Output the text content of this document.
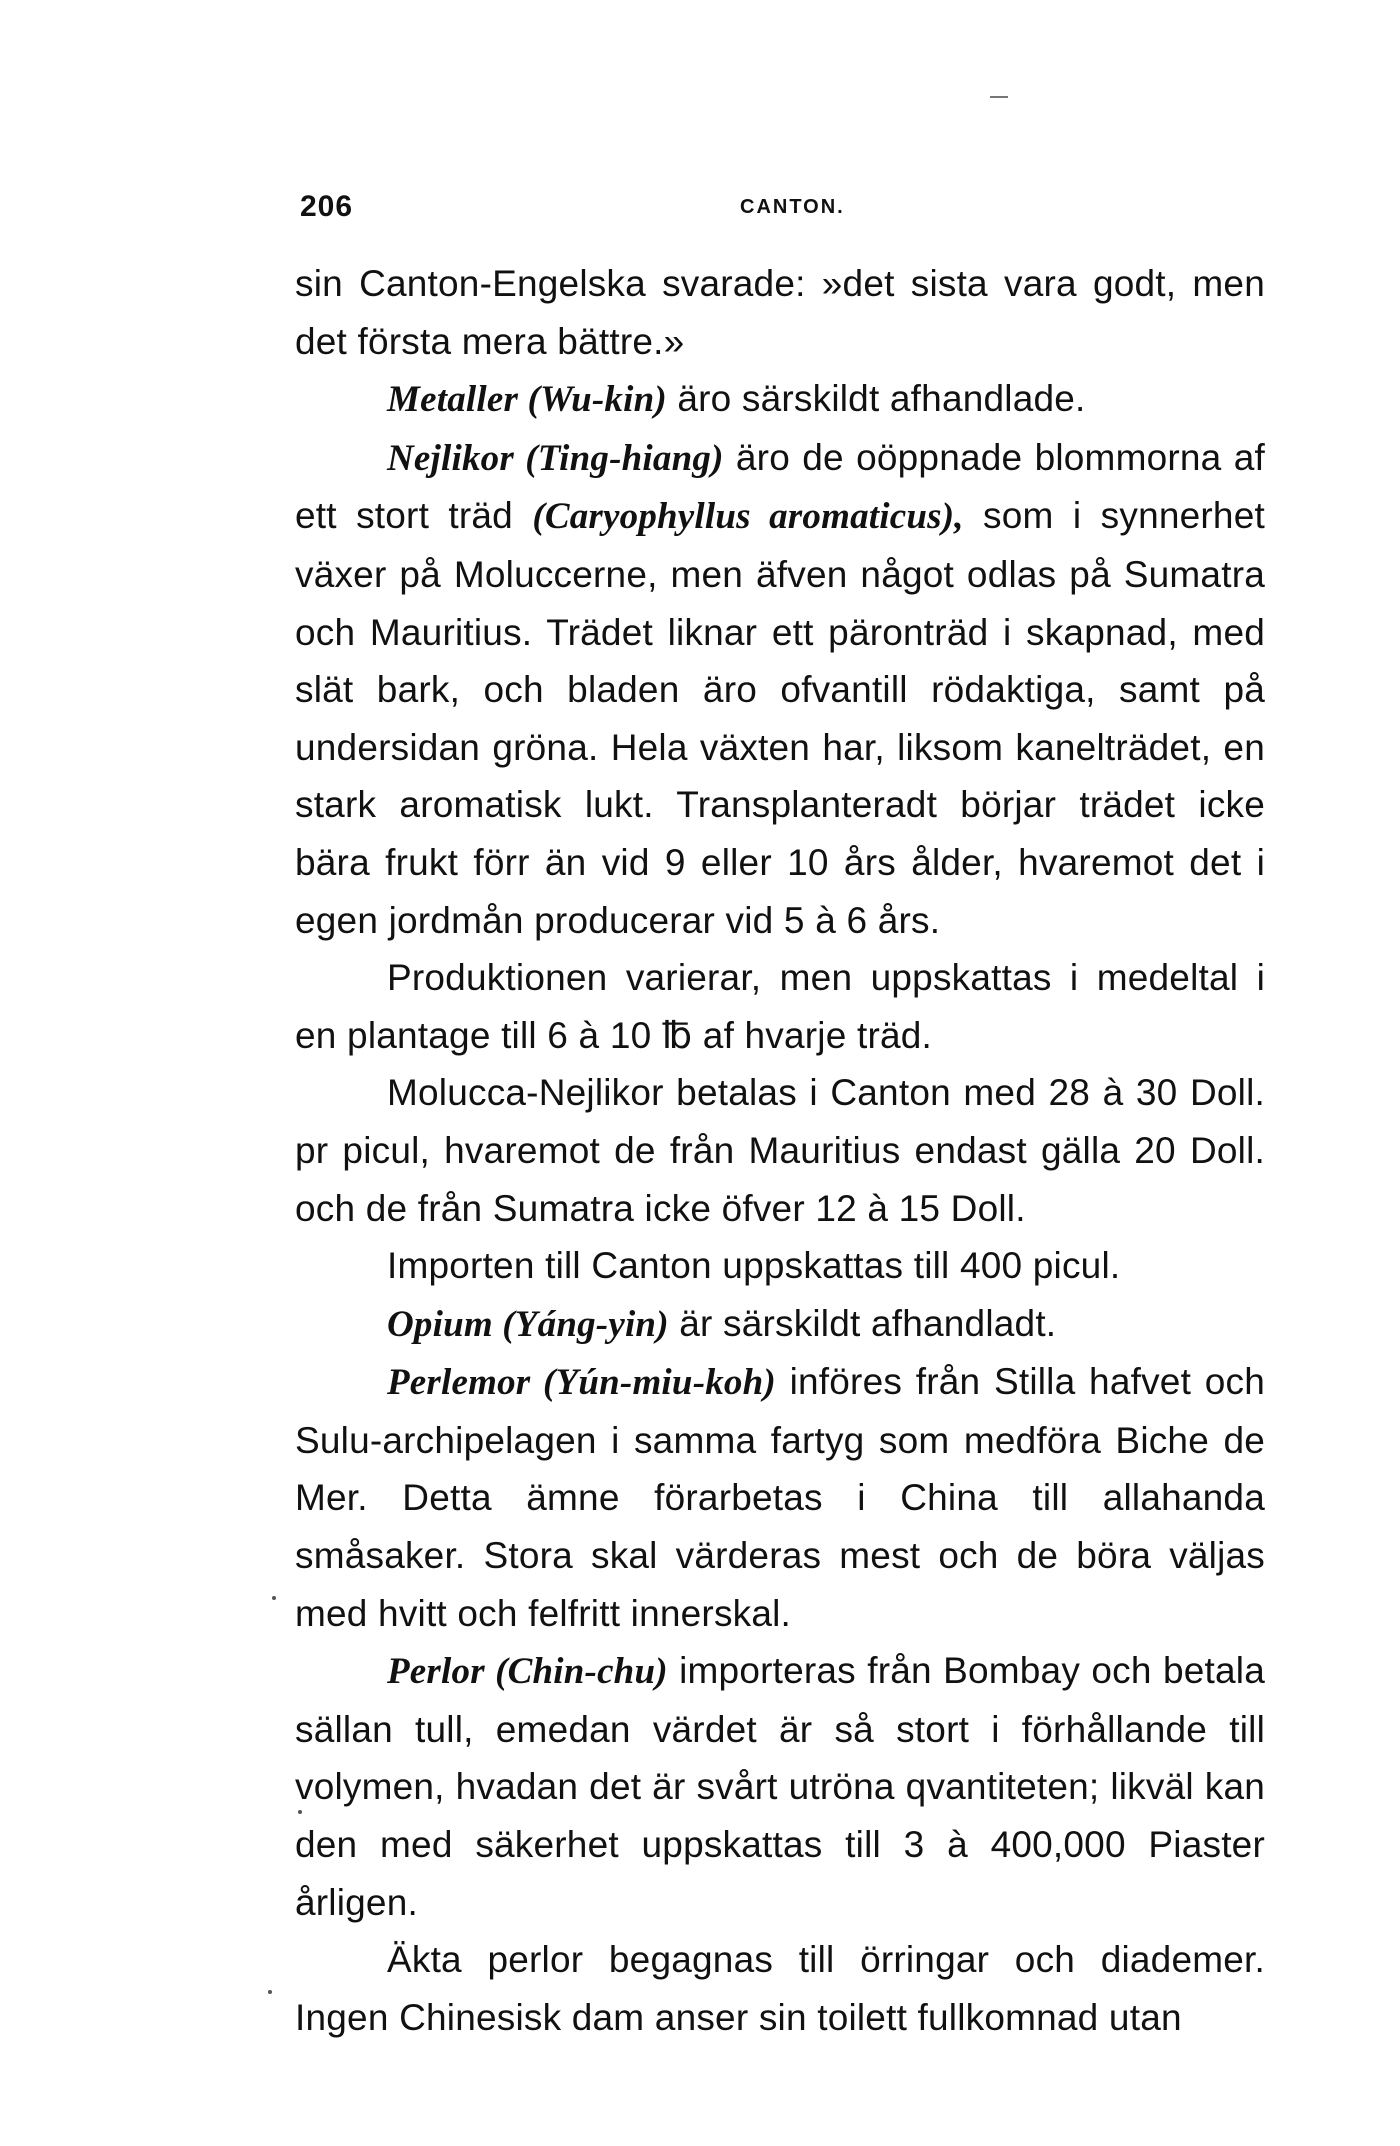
206	CANTON.

sin Canton-Engelska svarade: »det sista vara godt, men det första mera bättre.»

Metaller (Wu-kin) äro särskildt afhandlade.

Nejlikor (Ting-hiang) äro de oöppnade blommorna af ett stort träd (Caryophyllus aromaticus), som i synnerhet växer på Moluccerne, men äfven något odlas på Sumatra och Mauritius. Trädet liknar ett päronträd i skapnad, med slät bark, och bladen äro ofvantill rödaktiga, samt på undersidan gröna. Hela växten har, liksom kanelträdet, en stark aromatisk lukt. Transplanteradt börjar trädet icke bära frukt förr än vid 9 eller 10 års ålder, hvaremot det i egen jordmån producerar vid 5 à 6 års.

Produktionen varierar, men uppskattas i medeltal i en plantage till 6 à 10 ℔ af hvarje träd.

Molucca-Nejlikor betalas i Canton med 28 à 30 Doll. pr picul, hvaremot de från Mauritius endast gälla 20 Doll. och de från Sumatra icke öfver 12 à 15 Doll.

Importen till Canton uppskattas till 400 picul.

Opium (Yáng-yin) är särskildt afhandladt.

Perlemor (Yún-miu-koh) införes från Stilla hafvet och Sulu-archipelagen i samma fartyg som medföra Biche de Mer. Detta ämne förarbetas i China till allahanda småsaker. Stora skal värderas mest och de böra väljas med hvitt och felfritt innerskal.

Perlor (Chin-chu) importeras från Bombay och betala sällan tull, emedan värdet är så stort i förhållande till volymen, hvadan det är svårt utröna qvantiteten; likväl kan den med säkerhet uppskattas till 3 à 400,000 Piaster årligen.

Äkta perlor begagnas till örringar och diademer. Ingen Chinesisk dam anser sin toilett fullkomnad utan
